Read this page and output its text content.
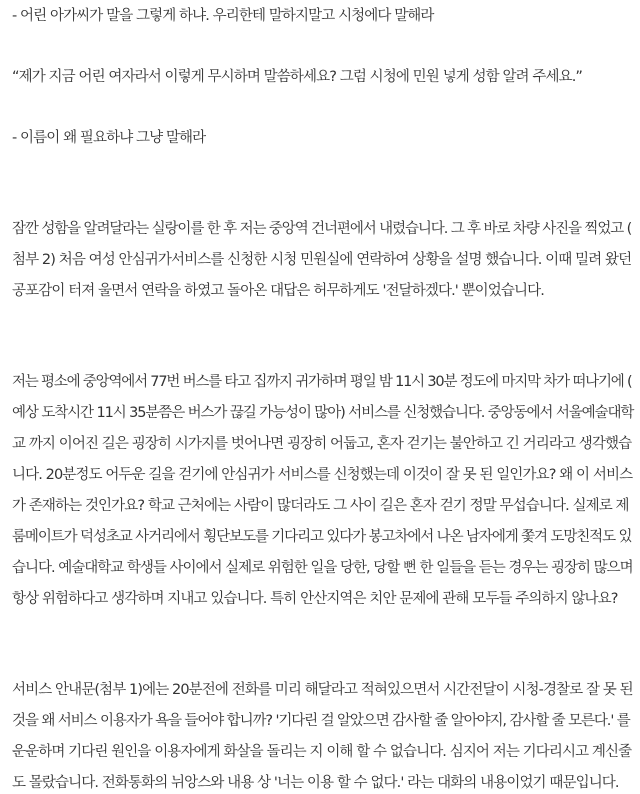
- 어린 아가씨가 말을 그렇게 하냐. 우리한테 말하지말고 시청에다 말해라
“제가 지금 어린 여자라서 이렇게 무시하며 말씀하세요? 그럼 시청에 민원 넣게 성함 알려 주세요.”
- 이름이 왜 필요하냐 그냥 말해라
잠깐 성함을 알려달라는 실랑이를 한 후 저는 중앙역 건너편에서 내렸습니다. 그 후 바로 차량 사진을 찍었고 (
첨부 2) 처음 여성 안심귀가서비스를 신청한 시청 민원실에 연락하여 상황을 설명 했습니다. 이때 밀려 왔던
공포감이 터져 울면서 연락을 하였고 돌아온 대답은 허무하게도 '전달하겠다.' 뿐이었습니다.
저는 평소에 중앙역에서 77번 버스를 타고 집까지 귀가하며 평일 밤 11시 30분 정도에 마지막 차가 떠나기에 (
예상 도착시간 11시 35분쯤은 버스가 끊길 가능성이 많아) 서비스를 신청했습니다. 중앙동에서 서울예술대학
교 까지 이어진 길은 굉장히 시가지를 벗어나면 굉장히 어둡고, 혼자 걷기는 불안하고 긴 거리라고 생각했습
니다. 20분정도 어두운 길을 걷기에 안심귀가 서비스를 신청했는데 이것이 잘 못 된 일인가요? 왜 이 서비스
가 존재하는 것인가요? 학교 근처에는 사람이 많더라도 그 사이 길은 혼자 걷기 정말 무섭습니다. 실제로 제
룸메이트가 덕성초교 사거리에서 횡단보도를 기다리고 있다가 봉고차에서 나온 남자에게 쫓겨 도망친적도 있
습니다. 예술대학교 학생들 사이에서 실제로 위험한 일을 당한, 당할 뻔 한 일들을 듣는 경우는 굉장히 많으며
항상 위험하다고 생각하며 지내고 있습니다. 특히 안산지역은 치안 문제에 관해 모두들 주의하지 않나요?
서비스 안내문(첨부 1)에는 20분전에 전화를 미리 해달라고 적혀있으면서 시간전달이 시청-경찰로 잘 못 된
것을 왜 서비스 이용자가 욕을 들어야 합니까? '기다린 걸 알았으면 감사할 줄 알아야지, 감사할 줄 모른다.' 를
운운하며 기다린 원인을 이용자에게 화살을 돌리는 지 이해 할 수 없습니다. 심지어 저는 기다리시고 계신줄
도 몰랐습니다. 전화통화의 뉘앙스와 내용 상 '너는 이용 할 수 없다.' 라는 대화의 내용이었기 때문입니다.
